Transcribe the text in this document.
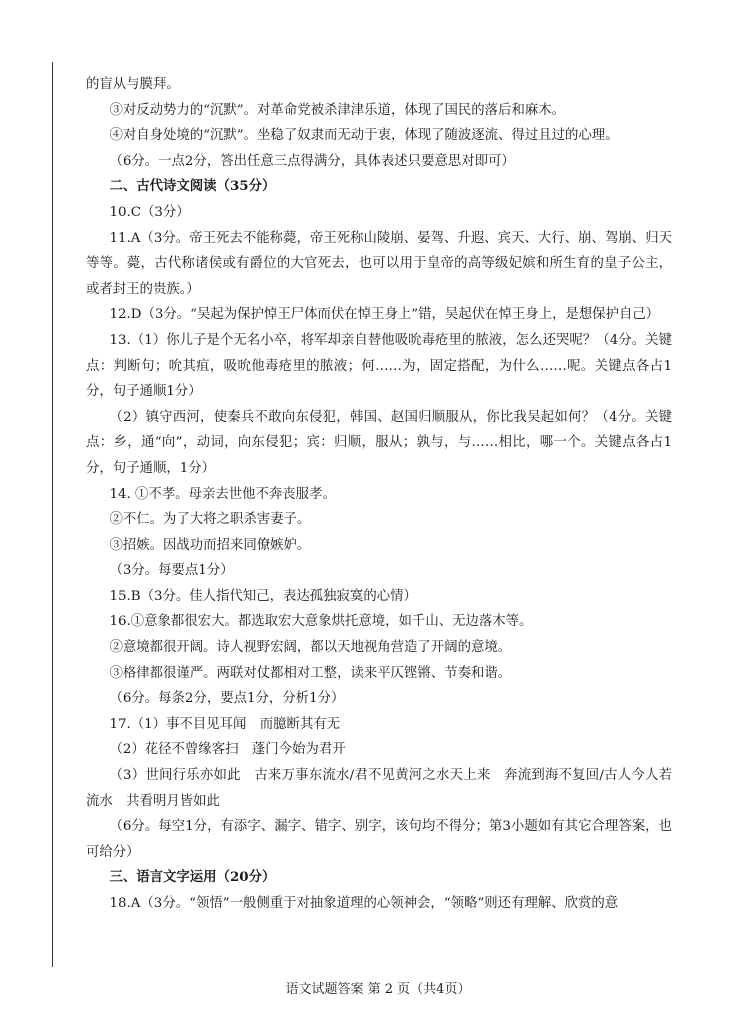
的盲从与膜拜。

③对反动势力的“沉默”。对革命党被杀津津乐道，体现了国民的落后和麻木。

④对自身处境的“沉默”。坐稳了奴隶而无动于衷，体现了随波逐流、得过且过的心理。

（6分。一点2分，答出任意三点得满分，具体表述只要意思对即可）

二、古代诗文阅读（35分）

10.C（3分）

11.A（3分。帝王死去不能称薨，帝王死称山陵崩、晏驾、升遐、宾天、大行、崩、驾崩、归天等等。薨，古代称诸侯或有爵位的大官死去，也可以用于皇帝的高等级妃嫔和所生育的皇子公主，或者封王的贵族。）

12.D（3分。“吴起为保护悼王尸体而伏在悼王身上”错，吴起伏在悼王身上，是想保护自己）

13.（1）你儿子是个无名小卒，将军却亲自替他吸吮毒疮里的脓液，怎么还哭呢？（4分。关键点：判断句；吮其疽，吸吮他毒疮里的脓液；何……为，固定搭配，为什么……呢。关键点各占1分，句子通顺1分）

（2）镇守西河，使秦兵不敢向东侵犯，韩国、赵国归顺服从，你比我吴起如何？（4分。关键点：乡，通“向”，动词，向东侵犯；宾：归顺，服从；孰与，与……相比，哪一个。关键点各占1分，句子通顺，1分）

14. ①不孝。母亲去世他不奔丧服孝。

②不仁。为了大将之职杀害妻子。

③招嫉。因战功而招来同僚嫉妒。

（3分。每要点1分）

15.B（3分。佳人指代知己，表达孤独寂寞的心情）

16.①意象都很宏大。都选取宏大意象烘托意境，如千山、无边落木等。

②意境都很开阔。诗人视野宏阔，都以天地视角营造了开阔的意境。

③格律都很谨严。两联对仗都相对工整，读来平仄铿锵、节奏和谐。

（6分。每条2分，要点1分，分析1分）

17.（1）事不目见耳闻　而臆断其有无

（2）花径不曾缘客扫　蓬门今始为君开

（3）世间行乐亦如此　古来万事东流水/君不见黄河之水天上来　奔流到海不复回/古人今人若流水　共看明月皆如此

（6分。每空1分，有添字、漏字、错字、别字，该句均不得分；第3小题如有其它合理答案，也可给分）

三、语言文字运用（20分）

18.A（3分。“领悟”一般侧重于对抽象道理的心领神会，“领略”则还有理解、欣赏的意

语文试题答案 第 2 页（共4页）
